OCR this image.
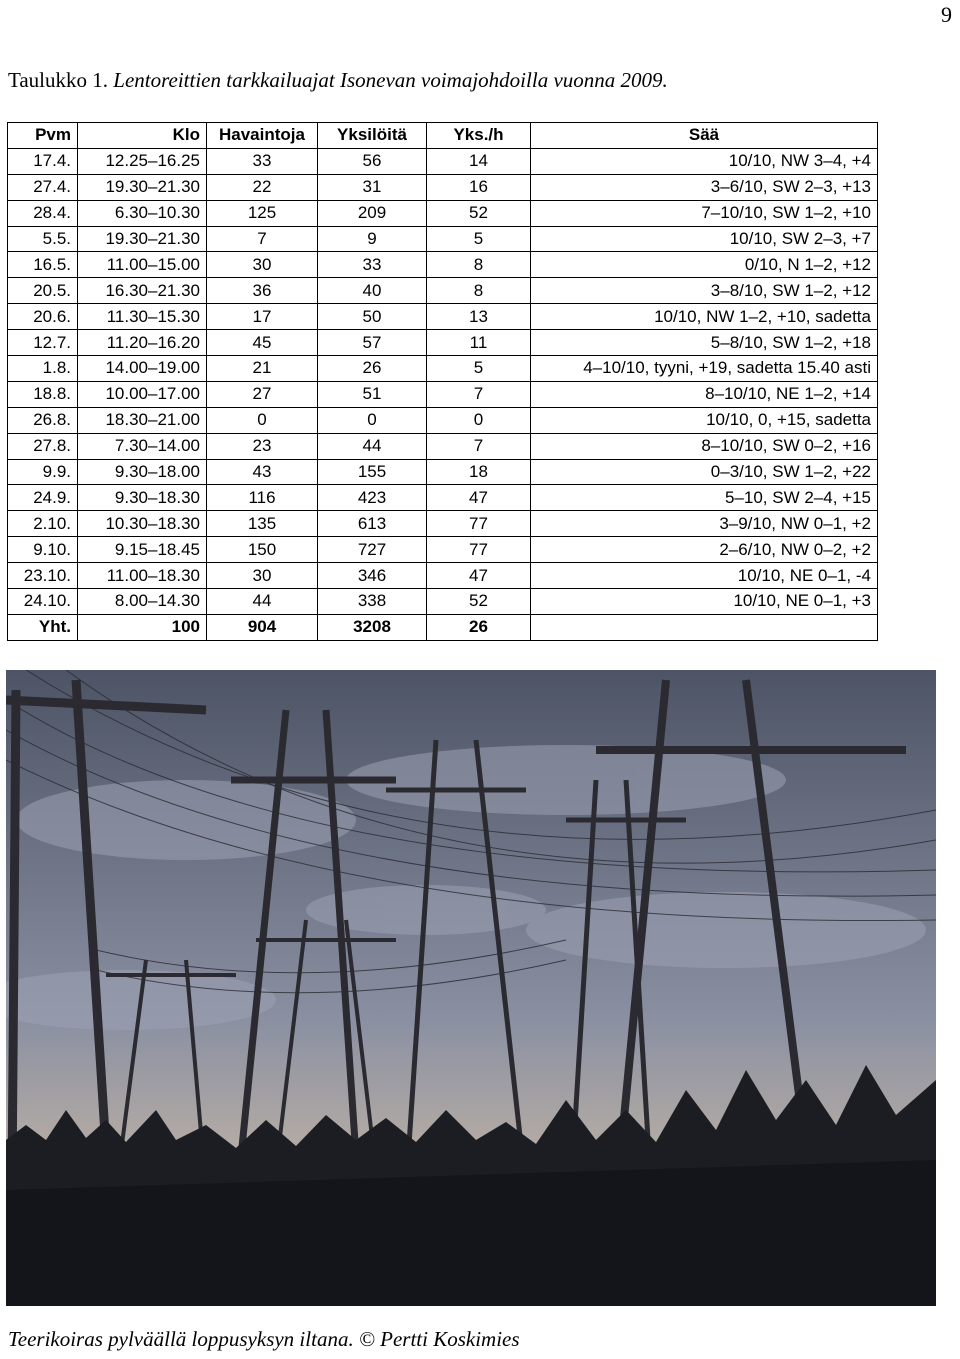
9
Taulukko 1. Lentoreittien tarkkailuajat Isonevan voimajohdoilla vuonna 2009.
Pvm	Klo	Havaintoja	Yksilöitä	Yks./h	Sää
17.4.	12.25–16.25	33	56	14	10/10, NW 3–4, +4
27.4.	19.30–21.30	22	31	16	3–6/10, SW 2–3, +13
28.4.	6.30–10.30	125	209	52	7–10/10, SW 1–2, +10
5.5.	19.30–21.30	7	9	5	10/10, SW 2–3, +7
16.5.	11.00–15.00	30	33	8	0/10, N 1–2, +12
20.5.	16.30–21.30	36	40	8	3–8/10, SW 1–2, +12
20.6.	11.30–15.30	17	50	13	10/10, NW 1–2, +10, sadetta
12.7.	11.20–16.20	45	57	11	5–8/10, SW 1–2, +18
1.8.	14.00–19.00	21	26	5	4–10/10, tyyni, +19, sadetta 15.40 asti
18.8.	10.00–17.00	27	51	7	8–10/10, NE 1–2, +14
26.8.	18.30–21.00	0	0	0	10/10, 0, +15, sadetta
27.8.	7.30–14.00	23	44	7	8–10/10, SW 0–2, +16
9.9.	9.30–18.00	43	155	18	0–3/10, SW 1–2, +22
24.9.	9.30–18.30	116	423	47	5–10, SW 2–4, +15
2.10.	10.30–18.30	135	613	77	3–9/10, NW 0–1, +2
9.10.	9.15–18.45	150	727	77	2–6/10, NW 0–2, +2
23.10.	11.00–18.30	30	346	47	10/10, NE 0–1, -4
24.10.	8.00–14.30	44	338	52	10/10, NE 0–1, +3
Yht.	100	904	3208	26	
Teerikoiras pylväällä loppusyksyn iltana. © Pertti Koskimies
